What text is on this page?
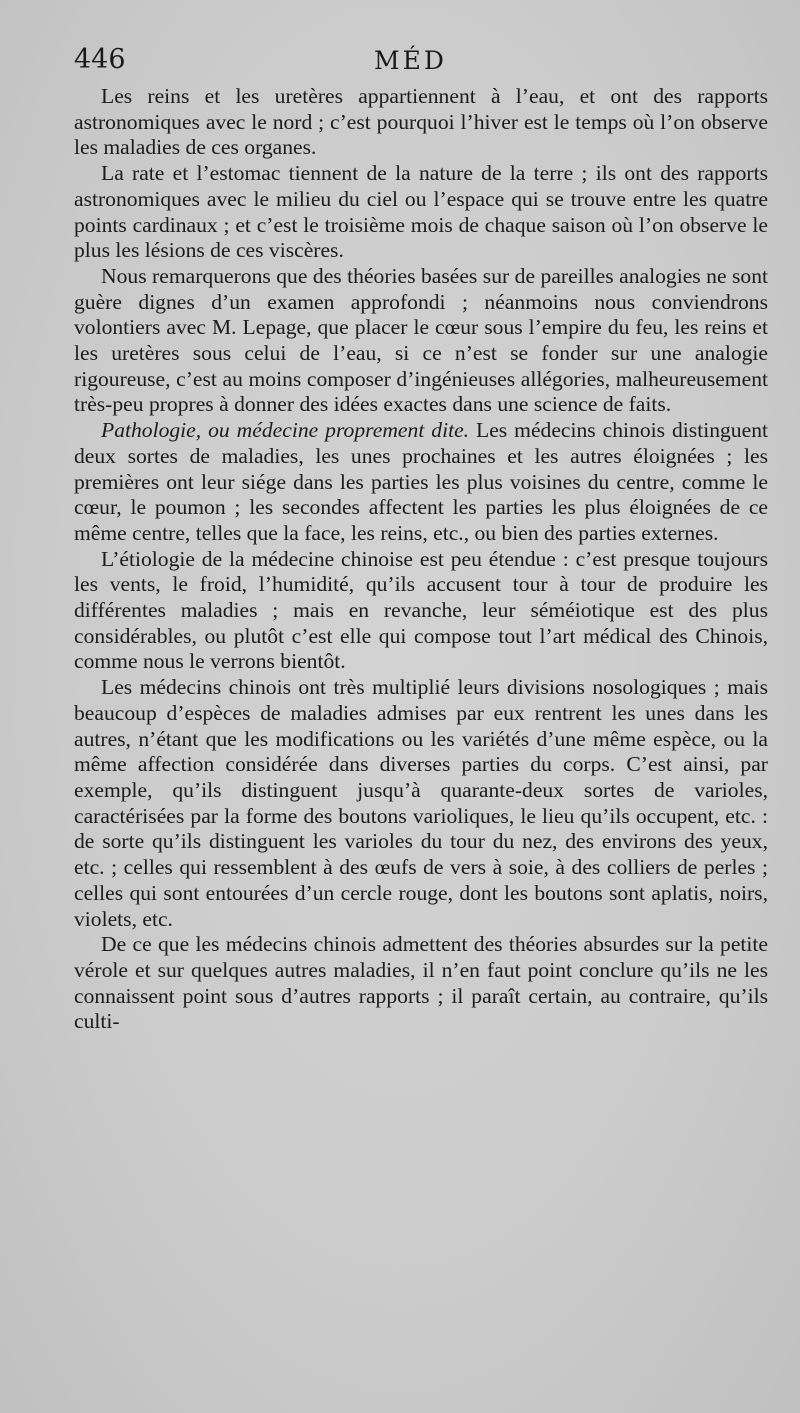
446	MÉD

Les reins et les uretères appartiennent à l’eau, et ont des rapports astronomiques avec le nord ; c’est pourquoi l’hiver est le temps où l’on observe les maladies de ces organes.

La rate et l’estomac tiennent de la nature de la terre ; ils ont des rapports astronomiques avec le milieu du ciel ou l’espace qui se trouve entre les quatre points cardinaux ; et c’est le troisième mois de chaque saison où l’on observe le plus les lésions de ces viscères.

Nous remarquerons que des théories basées sur de pareilles analogies ne sont guère dignes d’un examen approfondi ; néanmoins nous conviendrons volontiers avec M. Lepage, que placer le cœur sous l’empire du feu, les reins et les uretères sous celui de l’eau, si ce n’est se fonder sur une analogie rigoureuse, c’est au moins composer d’ingénieuses allégories, malheureusement très-peu propres à donner des idées exactes dans une science de faits.

Pathologie, ou médecine proprement dite. Les médecins chinois distinguent deux sortes de maladies, les unes prochaines et les autres éloignées ; les premières ont leur siége dans les parties les plus voisines du centre, comme le cœur, le poumon ; les secondes affectent les parties les plus éloignées de ce même centre, telles que la face, les reins, etc., ou bien des parties externes.

L’étiologie de la médecine chinoise est peu étendue : c’est presque toujours les vents, le froid, l’humidité, qu’ils accusent tour à tour de produire les différentes maladies ; mais en revanche, leur séméiotique est des plus considérables, ou plutôt c’est elle qui compose tout l’art médical des Chinois, comme nous le verrons bientôt.

Les médecins chinois ont très multiplié leurs divisions nosologiques ; mais beaucoup d’espèces de maladies admises par eux rentrent les unes dans les autres, n’étant que les modifications ou les variétés d’une même espèce, ou la même affection considérée dans diverses parties du corps. C’est ainsi, par exemple, qu’ils distinguent jusqu’à quarante-deux sortes de varioles, caractérisées par la forme des boutons varioliques, le lieu qu’ils occupent, etc. : de sorte qu’ils distinguent les varioles du tour du nez, des environs des yeux, etc. ; celles qui ressemblent à des œufs de vers à soie, à des colliers de perles ; celles qui sont entourées d’un cercle rouge, dont les boutons sont aplatis, noirs, violets, etc.

De ce que les médecins chinois admettent des théories absurdes sur la petite vérole et sur quelques autres maladies, il n’en faut point conclure qu’ils ne les connaissent point sous d’autres rapports ; il paraît certain, au contraire, qu’ils culti-
